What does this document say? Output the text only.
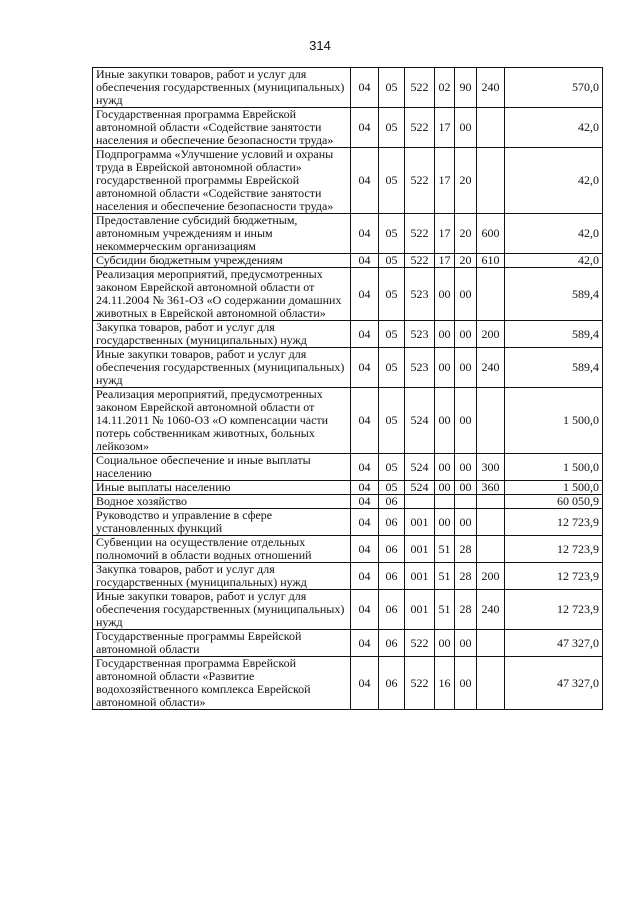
314
Иные закупки товаров, работ и услуг для обеспечения государственных (муниципальных) нужд	04	05	522	02	90	240	570,0
Государственная программа Еврейской автономной области «Содействие занятости населения и обеспечение безопасности труда»	04	05	522	17	00		42,0
Подпрограмма «Улучшение условий и охраны труда в Еврейской автономной области» государственной программы Еврейской автономной области «Содействие занятости населения и обеспечение безопасности труда»	04	05	522	17	20		42,0
Предоставление субсидий бюджетным, автономным учреждениям и иным некоммерческим организациям	04	05	522	17	20	600	42,0
Субсидии бюджетным учреждениям	04	05	522	17	20	610	42,0
Реализация мероприятий, предусмотренных законом Еврейской автономной области от 24.11.2004 № 361-ОЗ «О содержании домашних животных в Еврейской автономной области»	04	05	523	00	00		589,4
Закупка товаров, работ и услуг для государственных (муниципальных) нужд	04	05	523	00	00	200	589,4
Иные закупки товаров, работ и услуг для обеспечения государственных (муниципальных) нужд	04	05	523	00	00	240	589,4
Реализация мероприятий, предусмотренных законом Еврейской автономной области от 14.11.2011 № 1060-ОЗ «О компенсации части потерь собственникам животных, больных лейкозом»	04	05	524	00	00		1 500,0
Социальное обеспечение и иные выплаты населению	04	05	524	00	00	300	1 500,0
Иные выплаты населению	04	05	524	00	00	360	1 500,0
Водное хозяйство	04	06					60 050,9
Руководство и управление в сфере установленных функций	04	06	001	00	00		12 723,9
Субвенции на осуществление отдельных полномочий в области водных отношений	04	06	001	51	28		12 723,9
Закупка товаров, работ и услуг для государственных (муниципальных) нужд	04	06	001	51	28	200	12 723,9
Иные закупки товаров, работ и услуг для обеспечения государственных (муниципальных) нужд	04	06	001	51	28	240	12 723,9
Государственные программы Еврейской автономной области	04	06	522	00	00		47 327,0
Государственная программа Еврейской автономной области «Развитие водохозяйственного комплекса Еврейской автономной области»	04	06	522	16	00		47 327,0
